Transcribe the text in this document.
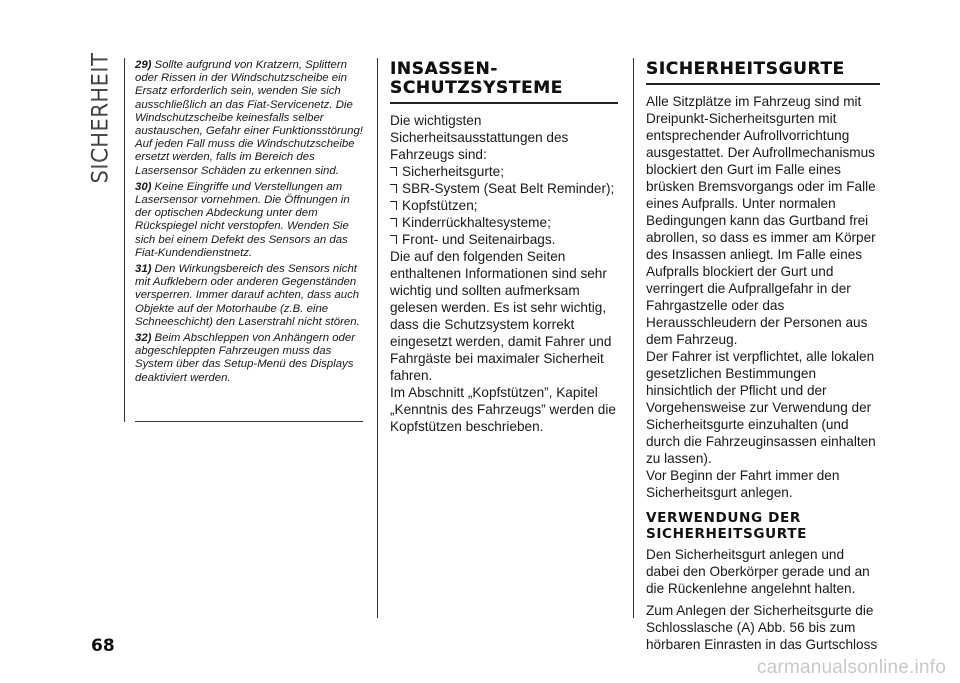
SICHERHEIT 29) Sollte aufgrund von Kratzern, Splittern oder Rissen in der Windschutzscheibe ein Ersatz erforderlich sein, wenden Sie sich ausschließlich an das Fiat-Servicenetz. Die Windschutzscheibe keinesfalls selber austauschen, Gefahr einer Funktionsstörung! Auf jeden Fall muss die Windschutzscheibe ersetzt werden, falls im Bereich des Lasersensor Schäden zu erkennen sind.

30) Keine Eingriffe und Verstellungen am Lasersensor vornehmen. Die Öffnungen in der optischen Abdeckung unter dem Rückspiegel nicht verstopfen. Wenden Sie sich bei einem Defekt des Sensors an das Fiat-Kundendienstnetz.

31) Den Wirkungsbereich des Sensors nicht mit Aufklebern oder anderen Gegenständen versperren. Immer darauf achten, dass auch Objekte auf der Motorhaube (z.B. eine Schneeschicht) den Laserstrahl nicht stören.

32) Beim Abschleppen von Anhängern oder abgeschleppten Fahrzeugen muss das System über das Setup-Menü des Displays deaktiviert werden.

INSASSEN-
SCHUTZSYSTEME

Die wichtigsten Sicherheitsausstattungen des Fahrzeugs sind:

Sicherheitsgurte;
SBR-System (Seat Belt Reminder);
Kopfstützen;
Kinderrückhaltesysteme;
Front- und Seitenairbags.

Die auf den folgenden Seiten enthaltenen Informationen sind sehr wichtig und sollten aufmerksam gelesen werden. Es ist sehr wichtig, dass die Schutzsystem korrekt eingesetzt werden, damit Fahrer und Fahrgäste bei maximaler Sicherheit fahren.

Im Abschnitt „Kopfstützen”, Kapitel „Kenntnis des Fahrzeugs” werden die Kopfstützen beschrieben.

SICHERHEITSGURTE

Alle Sitzplätze im Fahrzeug sind mit Dreipunkt-Sicherheitsgurten mit entsprechender Aufrollvorrichtung ausgestattet. Der Aufrollmechanismus blockiert den Gurt im Falle eines brüsken Bremsvorgangs oder im Falle eines Aufpralls. Unter normalen Bedingungen kann das Gurtband frei abrollen, so dass es immer am Körper des Insassen anliegt. Im Falle eines Aufpralls blockiert der Gurt und verringert die Aufprallgefahr in der Fahrgastzelle oder das Herausschleudern der Personen aus dem Fahrzeug.

Der Fahrer ist verpflichtet, alle lokalen gesetzlichen Bestimmungen hinsichtlich der Pflicht und der Vorgehensweise zur Verwendung der Sicherheitsgurte einzuhalten (und durch die Fahrzeuginsassen einhalten zu lassen).

Vor Beginn der Fahrt immer den Sicherheitsgurt anlegen.

VERWENDUNG DER
SICHERHEITSGURTE

Den Sicherheitsgurt anlegen und dabei den Oberkörper gerade und an die Rückenlehne angelehnt halten.

Zum Anlegen der Sicherheitsgurte die Schlosslasche (A) Abb. 56 bis zum hörbaren Einrasten in das Gurtschloss

68
carmanualsonline.info
